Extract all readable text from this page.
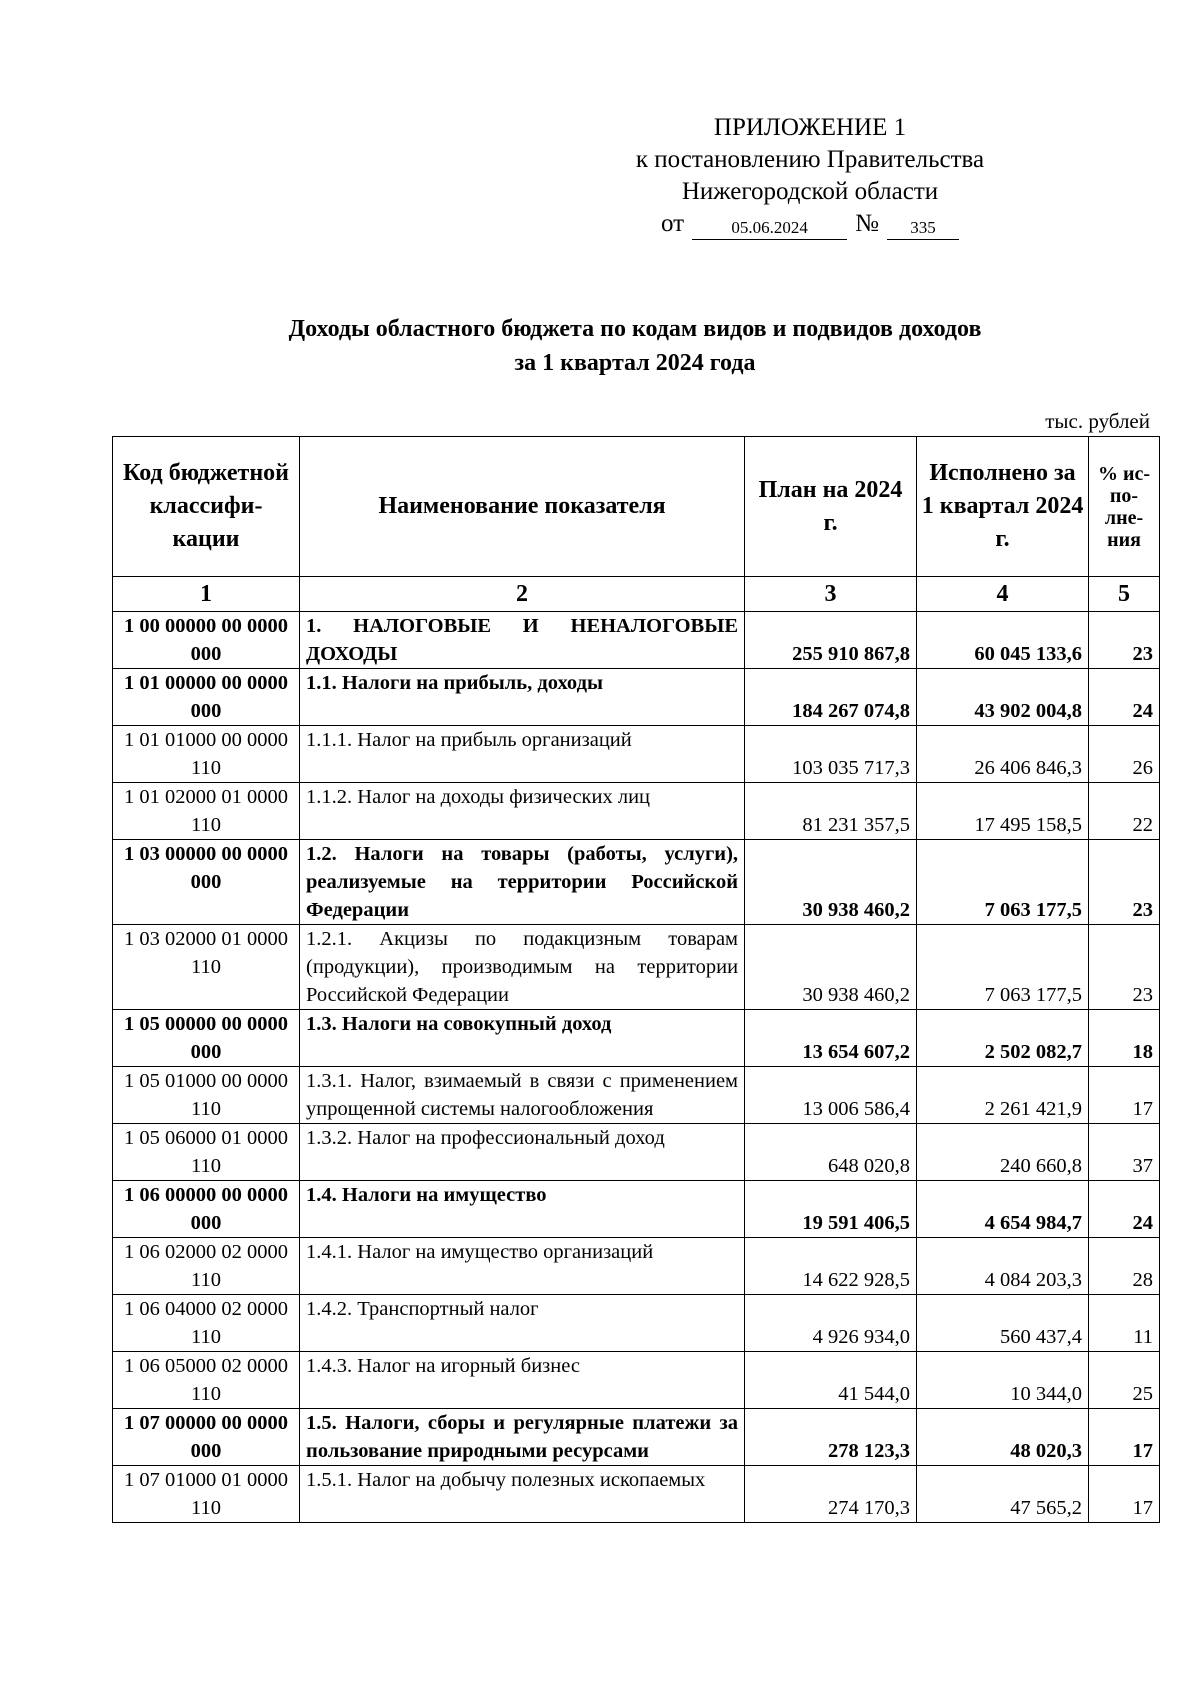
ПРИЛОЖЕНИЕ 1
к постановлению Правительства
Нижегородской области
от	05.06.2024	№	335
Доходы областного бюджета по кодам видов и подвидов доходов
за 1 квартал 2024 года
тыс. рублей
Код бюджетной классифи-кации	Наименование показателя	План на 2024 г.	Исполнено за 1 квартал 2024 г.	% ис-по-лне-ния
1	2	3	4	5
1 00 00000 00 0000 000	1. НАЛОГОВЫЕ И НЕНАЛОГОВЫЕ ДОХОДЫ	255 910 867,8	60 045 133,6	23
1 01 00000 00 0000 000	1.1. Налоги на прибыль, доходы	184 267 074,8	43 902 004,8	24
1 01 01000 00 0000 110	1.1.1. Налог на прибыль организаций	103 035 717,3	26 406 846,3	26
1 01 02000 01 0000 110	1.1.2. Налог на доходы физических лиц	81 231 357,5	17 495 158,5	22
1 03 00000 00 0000 000	1.2. Налоги на товары (работы, услуги), реализуемые на территории Российской Федерации	30 938 460,2	7 063 177,5	23
1 03 02000 01 0000 110	1.2.1. Акцизы по подакцизным товарам (продукции), производимым на территории Российской Федерации	30 938 460,2	7 063 177,5	23
1 05 00000 00 0000 000	1.3. Налоги на совокупный доход	13 654 607,2	2 502 082,7	18
1 05 01000 00 0000 110	1.3.1. Налог, взимаемый в связи с применением упрощенной системы налогообложения	13 006 586,4	2 261 421,9	17
1 05 06000 01 0000 110	1.3.2. Налог на профессиональный доход	648 020,8	240 660,8	37
1 06 00000 00 0000 000	1.4. Налоги на имущество	19 591 406,5	4 654 984,7	24
1 06 02000 02 0000 110	1.4.1. Налог на имущество организаций	14 622 928,5	4 084 203,3	28
1 06 04000 02 0000 110	1.4.2. Транспортный налог	4 926 934,0	560 437,4	11
1 06 05000 02 0000 110	1.4.3. Налог на игорный бизнес	41 544,0	10 344,0	25
1 07 00000 00 0000 000	1.5. Налоги, сборы и регулярные платежи за пользование природными ресурсами	278 123,3	48 020,3	17
1 07 01000 01 0000 110	1.5.1. Налог на добычу полезных ископаемых	274 170,3	47 565,2	17
